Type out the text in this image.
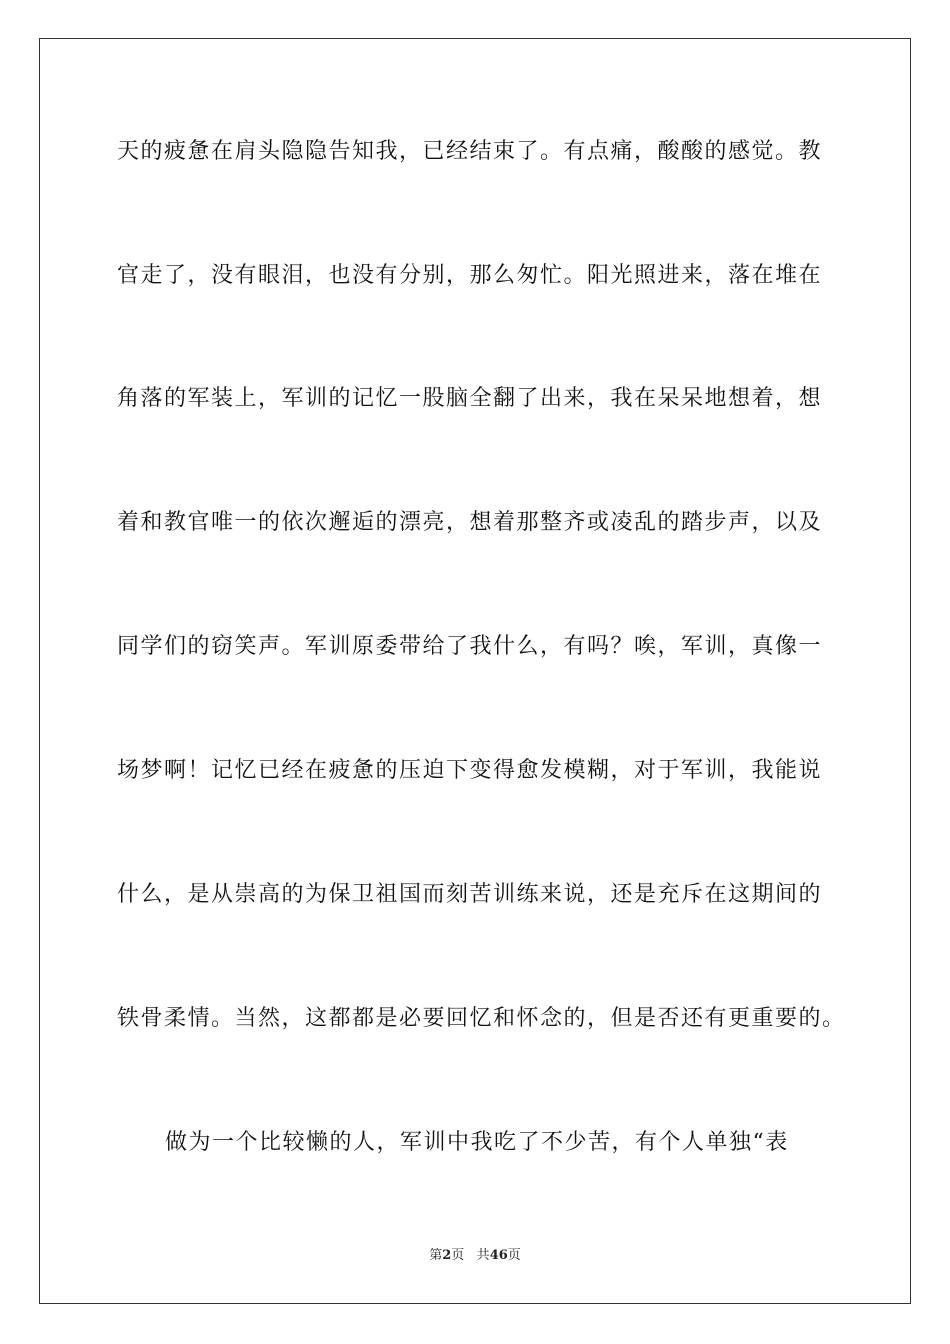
天的疲惫在肩头隐隐告知我，已经结束了。有点痛，酸酸的感觉。教
官走了，没有眼泪，也没有分别，那么匆忙。阳光照进来，落在堆在
角落的军装上，军训的记忆一股脑全翻了出来，我在呆呆地想着，想
着和教官唯一的依次邂逅的漂亮，想着那整齐或凌乱的踏步声，以及
同学们的窃笑声。军训原委带给了我什么，有吗？唉，军训，真像一
场梦啊！记忆已经在疲惫的压迫下变得愈发模糊，对于军训，我能说
什么，是从崇高的为保卫祖国而刻苦训练来说，还是充斥在这期间的
铁骨柔情。当然，这都都是必要回忆和怀念的，但是否还有更重要的。
做为一个比较懒的人，军训中我吃了不少苦，有个人单独“表
第2页 共46页
